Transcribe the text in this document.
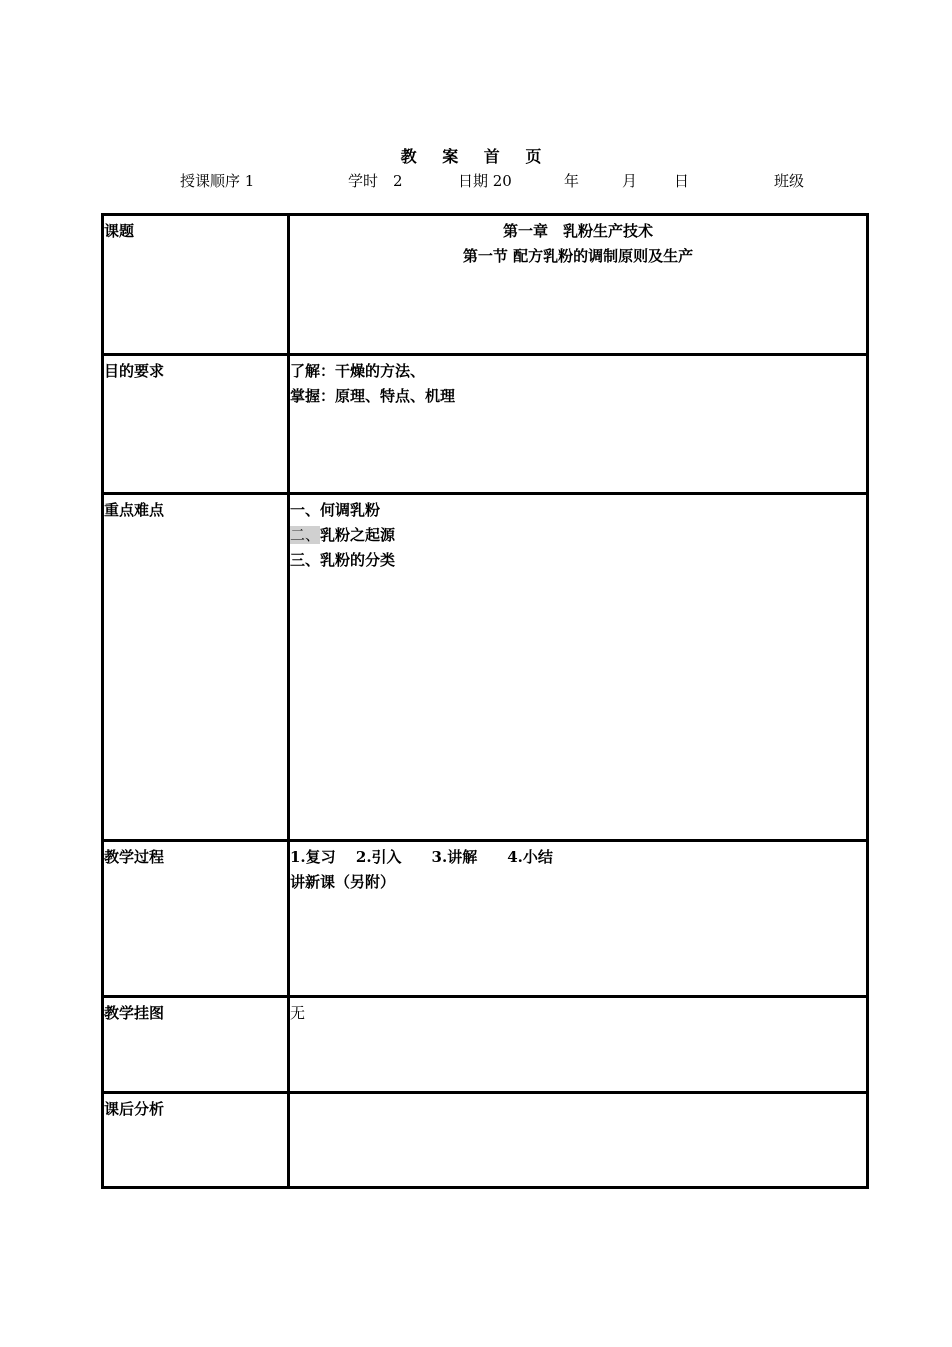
教 案 首 页
授课顺序 1	学时　2	日期 20	年	月 日	班级
课题	第一章　乳粉生产技术
第一节 配方乳粉的调制原则及生产

目的要求	了解：干燥的方法、
掌握：原理、特点、机理

重点难点	一、何调乳粉
二、乳粉之起源
三、乳粉的分类

教学过程	1.复习　 2.引入　　3.讲解　　4.小结
讲新课（另附）

教学挂图	无
课后分析	
